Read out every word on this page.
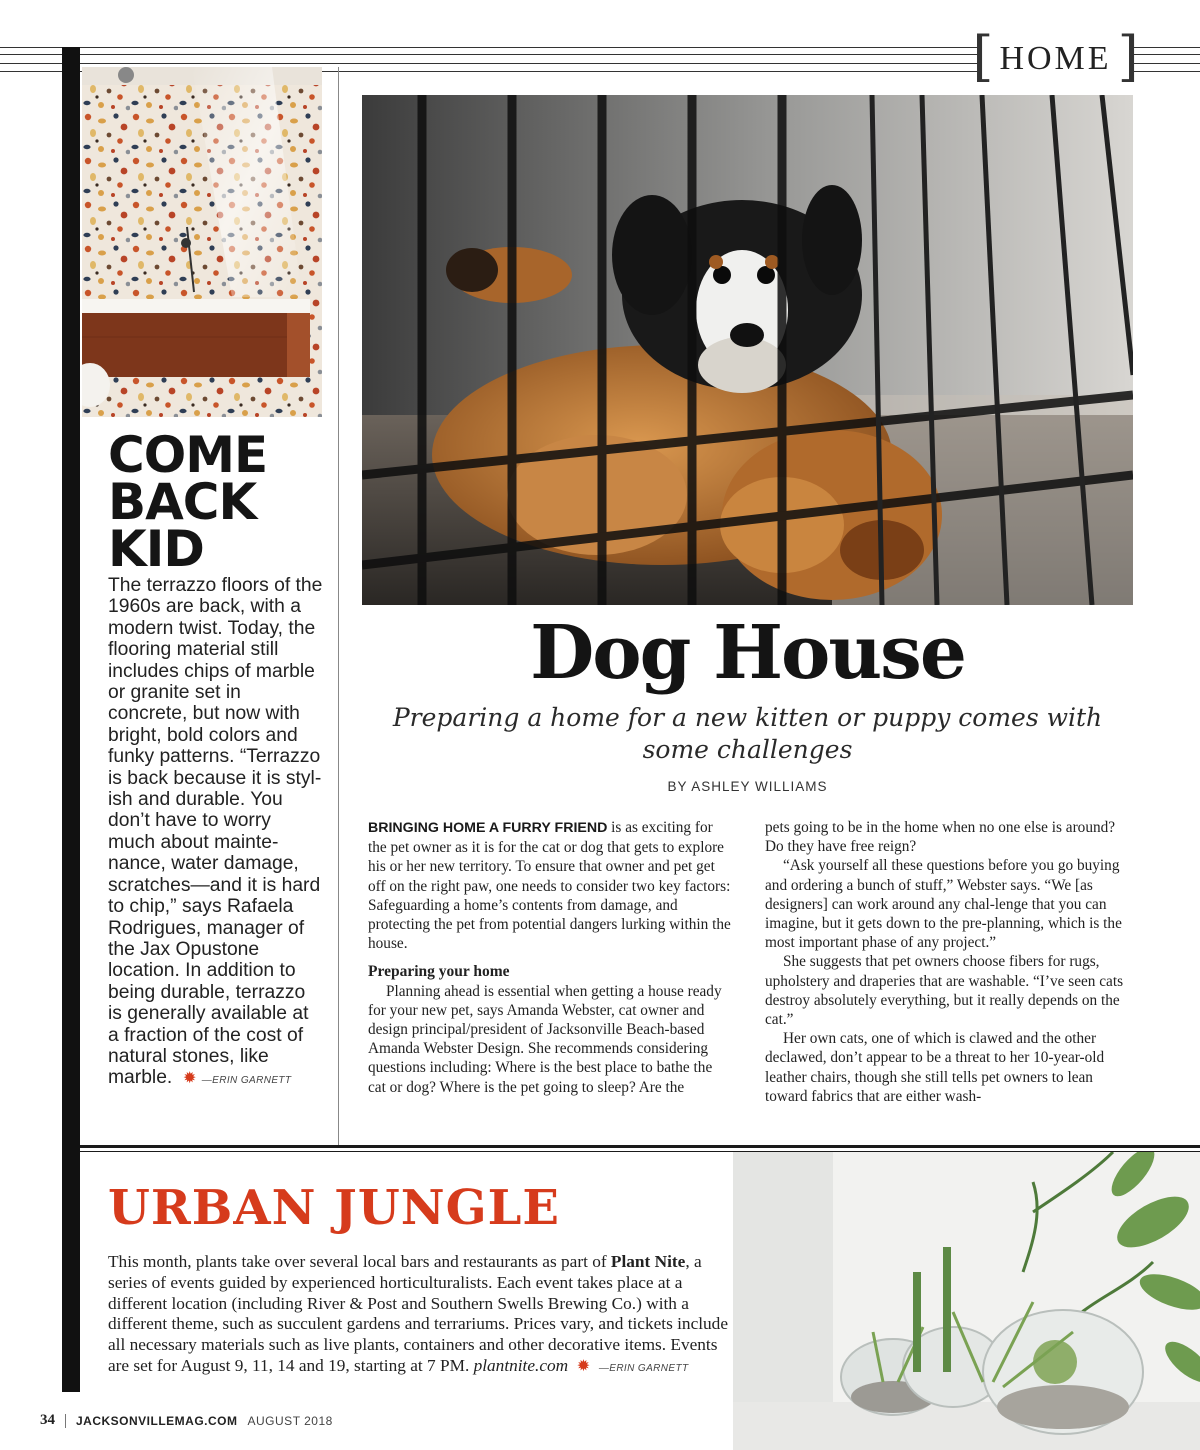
[ HOME ]
COME
BACK
KID

The terrazzo floors of the 1960s are back, with a modern twist. Today, the flooring material still includes chips of marble or granite set in concrete, but now with bright, bold colors and funky patterns. “Terrazzo is back because it is styl-ish and durable. You don’t have to worry much about mainte-nance, water damage, scratches—and it is hard to chip,” says Rafaela Rodrigues, manager of the Jax Opustone location. In addition to being durable, terrazzo is generally available at a fraction of the cost of natural stones, like marble. ✹ —ERIN GARNETT

Dog House

Preparing a home for a new kitten or puppy comes with some challenges

BY ASHLEY WILLIAMS

BRINGING HOME A FURRY FRIEND is as exciting for the pet owner as it is for the cat or dog that gets to explore his or her new territory. To ensure that owner and pet get off on the right paw, one needs to consider two key factors: Safeguarding a home’s contents from damage, and protecting the pet from potential dangers lurking within the house.

Preparing your home

Planning ahead is essential when getting a house ready for your new pet, says Amanda Webster, cat owner and design principal/president of Jacksonville Beach-based Amanda Webster Design. She recommends considering questions including: Where is the best place to bathe the cat or dog? Where is the pet going to sleep? Are the

pets going to be in the home when no one else is around? Do they have free reign?

“Ask yourself all these questions before you go buying and ordering a bunch of stuff,” Webster says. “We [as designers] can work around any chal-lenge that you can imagine, but it gets down to the pre-planning, which is the most important phase of any project.”

She suggests that pet owners choose fibers for rugs, upholstery and draperies that are washable. “I’ve seen cats destroy absolutely everything, but it really depends on the cat.”

Her own cats, one of which is clawed and the other declawed, don’t appear to be a threat to her 10-year-old leather chairs, though she still tells pet owners to lean toward fabrics that are either wash-

URBAN JUNGLE

This month, plants take over several local bars and restaurants as part of Plant Nite, a series of events guided by experienced horticulturalists. Each event takes place at a different location (including River & Post and Southern Swells Brewing Co.) with a different theme, such as succulent gardens and terrariums. Prices vary, and tickets include all necessary materials such as live plants, containers and other decorative items. Events are set for August 9, 11, 14 and 19, starting at 7 PM. plantnite.com ✹ —ERIN GARNETT

34 JACKSONVILLEMAG.COM AUGUST 2018
